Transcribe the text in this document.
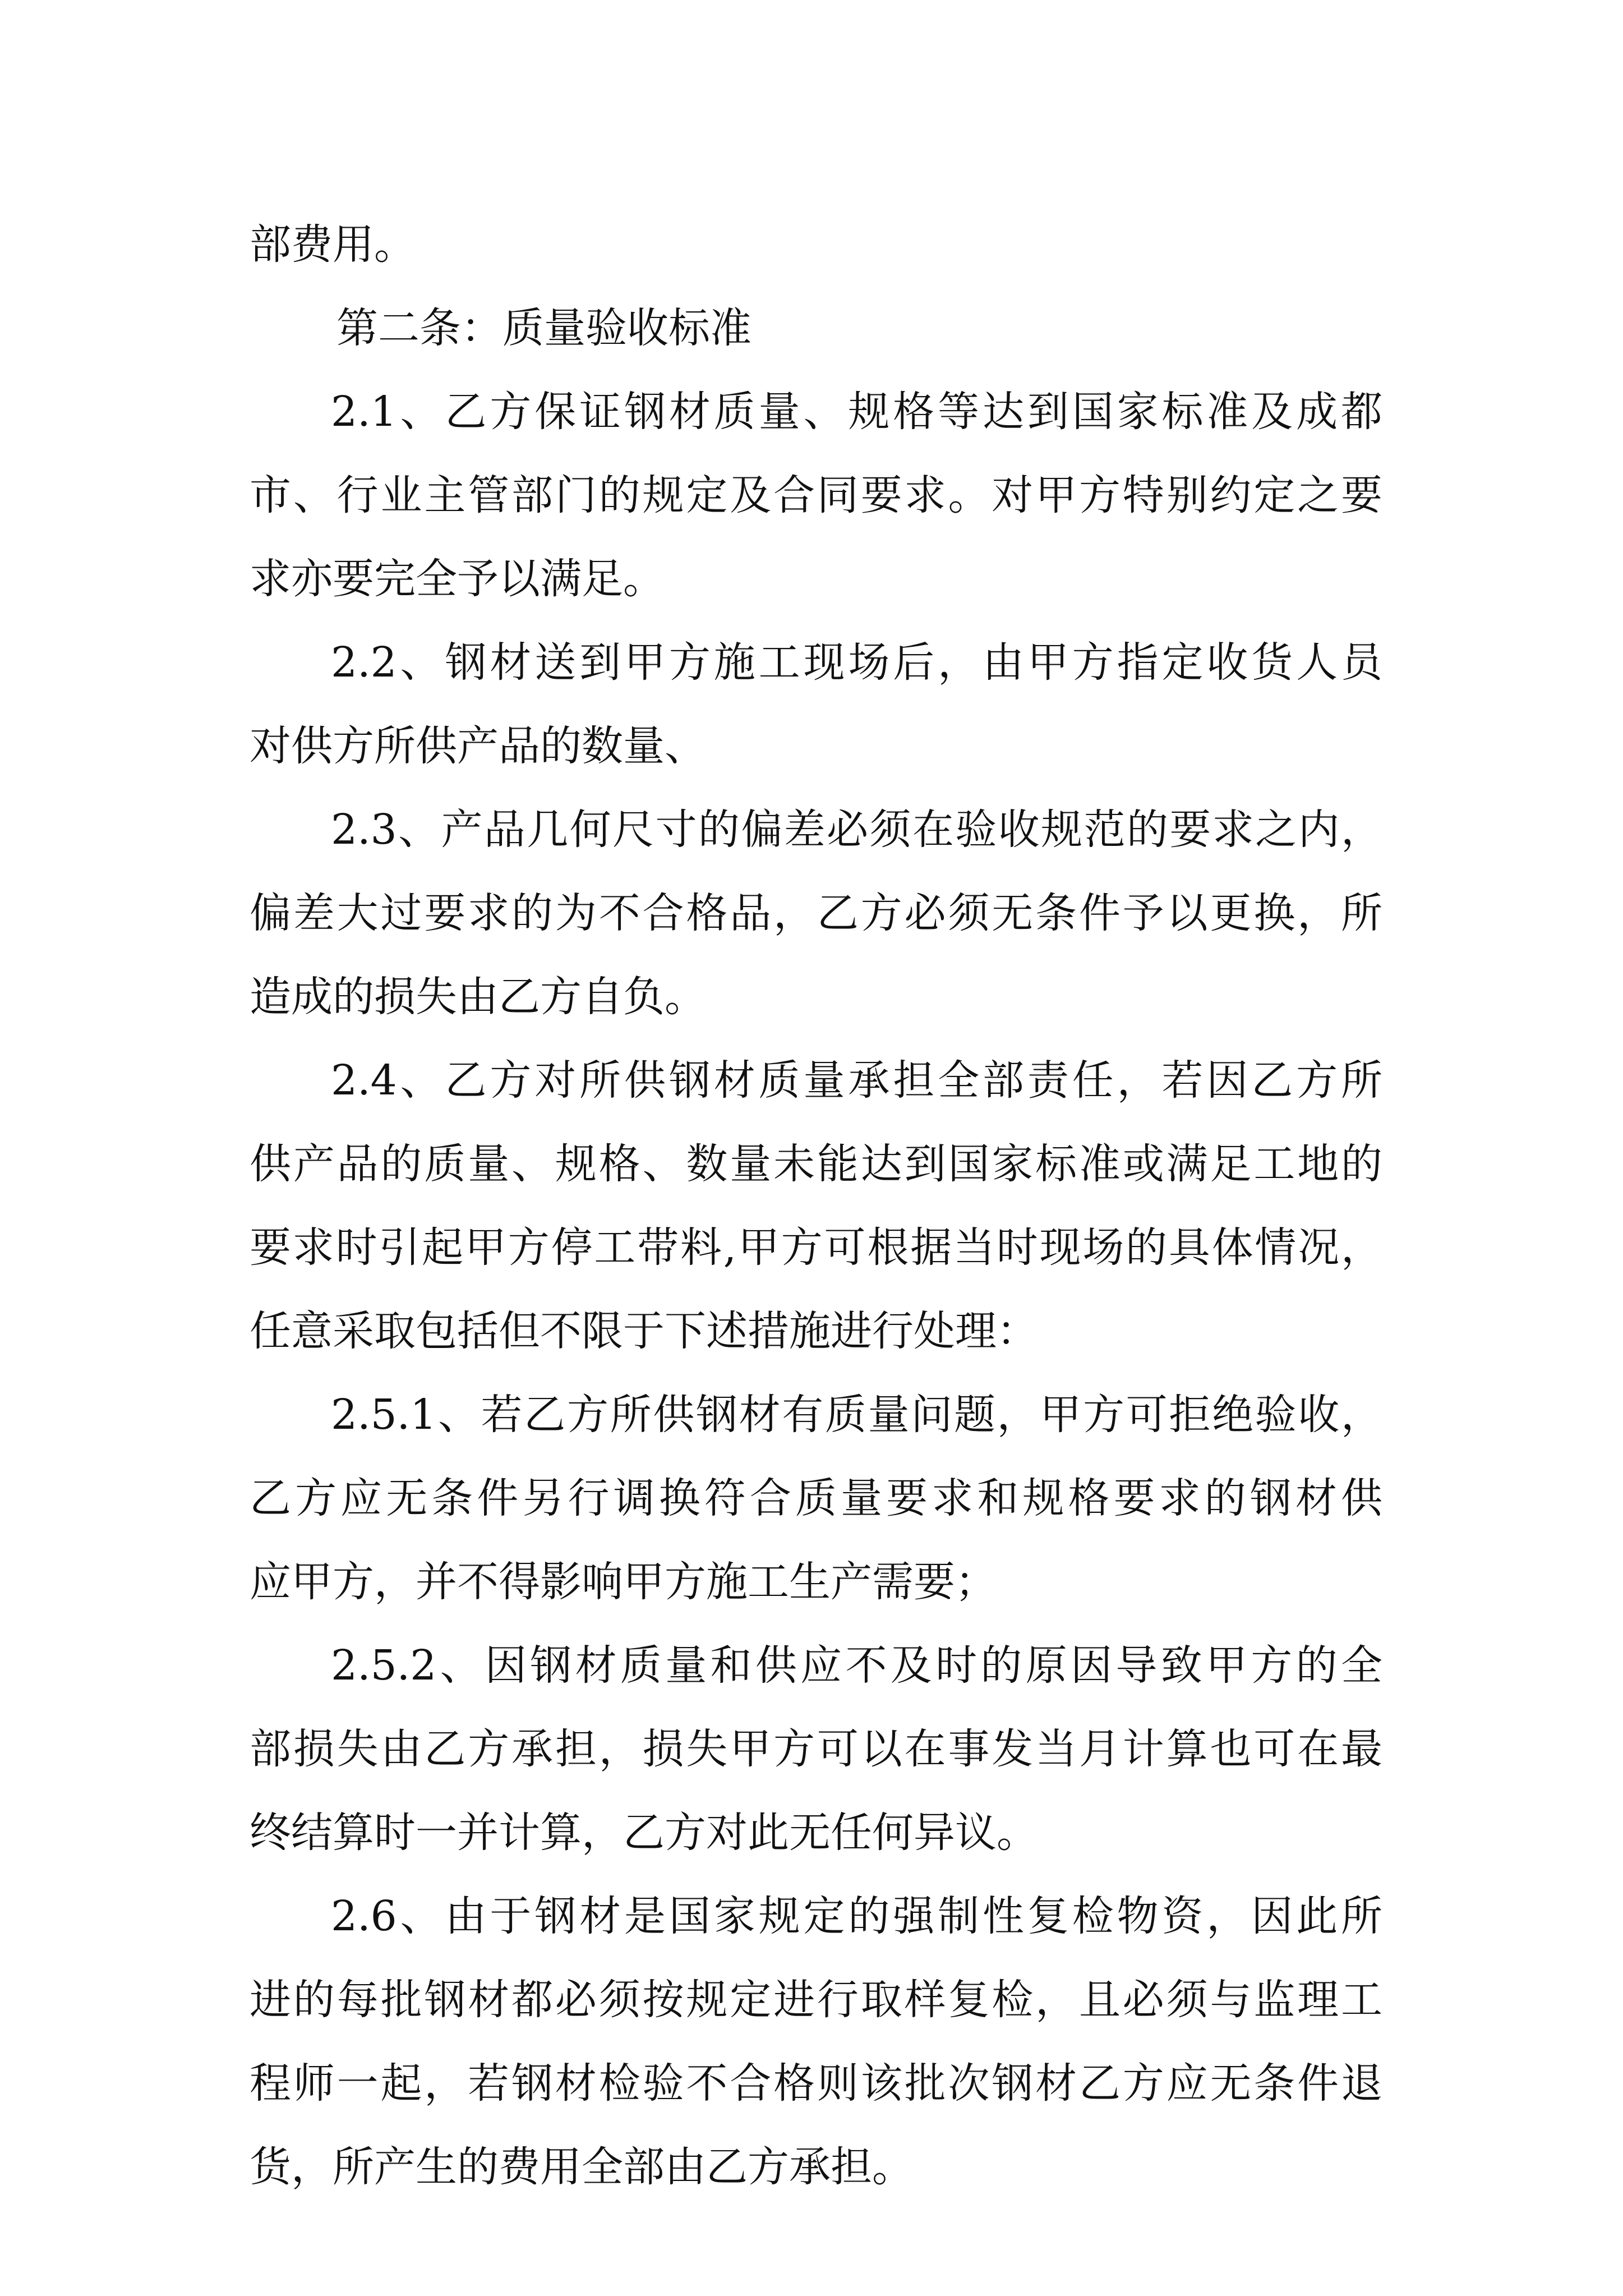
部费用。
第二条：质量验收标准
2.1、乙方保证钢材质量、规格等达到国家标准及成都
市、行业主管部门的规定及合同要求。对甲方特别约定之要
求亦要完全予以满足。
2.2、钢材送到甲方施工现场后，由甲方指定收货人员
对供方所供产品的数量、
2.3、产品几何尺寸的偏差必须在验收规范的要求之内，
偏差大过要求的为不合格品，乙方必须无条件予以更换，所
造成的损失由乙方自负。
2.4、乙方对所供钢材质量承担全部责任，若因乙方所
供产品的质量、规格、数量未能达到国家标准或满足工地的
要求时引起甲方停工带料,甲方可根据当时现场的具体情况，
任意采取包括但不限于下述措施进行处理：
2.5.1、若乙方所供钢材有质量问题，甲方可拒绝验收，
乙方应无条件另行调换符合质量要求和规格要求的钢材供
应甲方，并不得影响甲方施工生产需要；
2.5.2、因钢材质量和供应不及时的原因导致甲方的全
部损失由乙方承担，损失甲方可以在事发当月计算也可在最
终结算时一并计算，乙方对此无任何异议。
2.6、由于钢材是国家规定的强制性复检物资，因此所
进的每批钢材都必须按规定进行取样复检，且必须与监理工
程师一起，若钢材检验不合格则该批次钢材乙方应无条件退
货，所产生的费用全部由乙方承担。
